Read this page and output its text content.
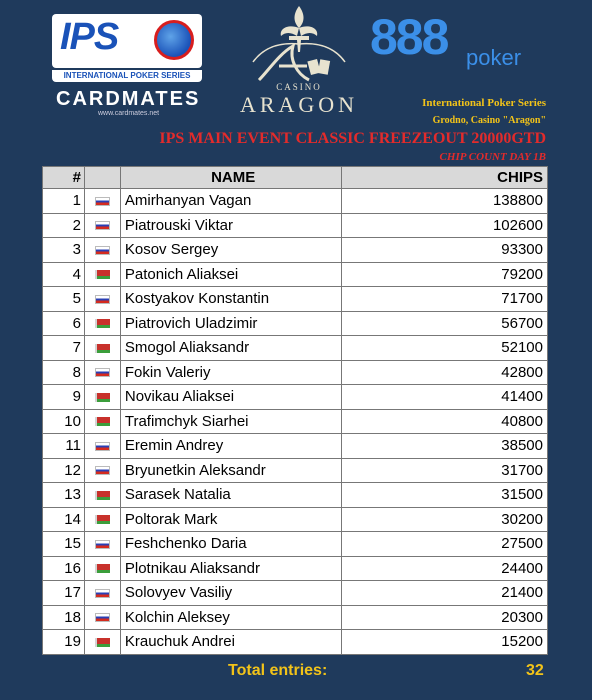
IPS
INTERNATIONAL POKER SERIES
CARDMATES
www.cardmates.net
CASINO
ARAGON
888 poker
International Poker Series
Grodno, Casino "Aragon"
IPS MAIN EVENT CLASSIC FREEZEOUT 20000GTD
CHIP COUNT DAY 1B
#		NAME	CHIPS
1		Amirhanyan Vagan	138800
2		Piatrouski Viktar	102600
3		Kosov Sergey	93300
4		Patonich Aliaksei	79200
5		Kostyakov Konstantin	71700
6		Piatrovich Uladzimir	56700
7		Smogol Aliaksandr	52100
8		Fokin Valeriy	42800
9		Novikau Aliaksei	41400
10		Trafimchyk Siarhei	40800
11		Eremin Andrey	38500
12		Bryunetkin Aleksandr	31700
13		Sarasek Natalia	31500
14		Poltorak Mark	30200
15		Feshchenko Daria	27500
16		Plotnikau Aliaksandr	24400
17		Solovyev Vasiliy	21400
18		Kolchin Aleksey	20300
19		Krauchuk Andrei	15200
Total entries:	32
